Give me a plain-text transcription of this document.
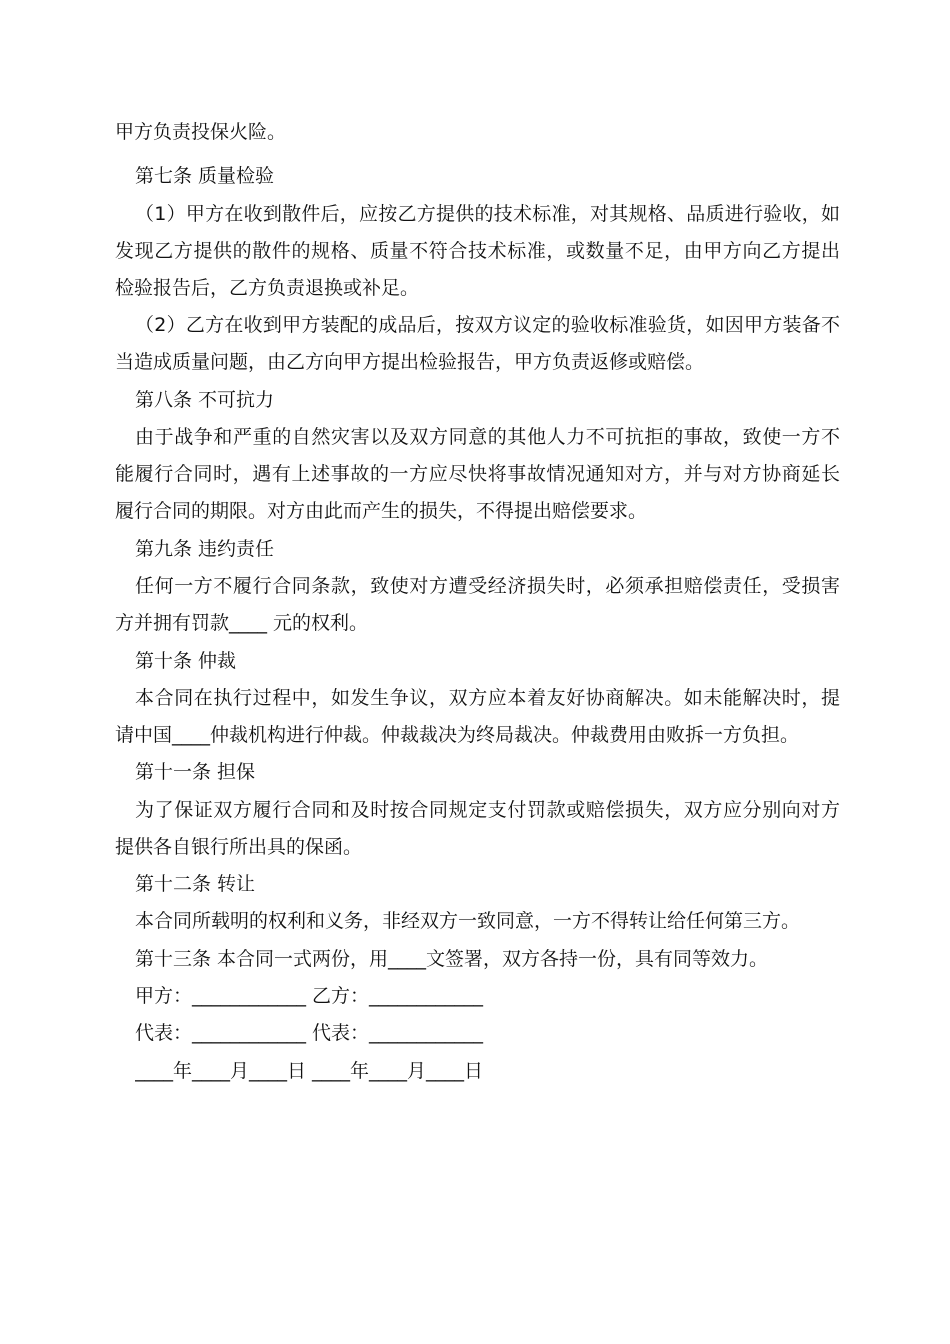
甲方负责投保火险。
第七条 质量检验
（1）甲方在收到散件后，应按乙方提供的技术标准，对其规格、品质进行验收，如
发现乙方提供的散件的规格、质量不符合技术标准，或数量不足，由甲方向乙方提出
检验报告后，乙方负责退换或补足。
（2）乙方在收到甲方装配的成品后，按双方议定的验收标准验货，如因甲方装备不
当造成质量问题，由乙方向甲方提出检验报告，甲方负责返修或赔偿。
第八条 不可抗力
由于战争和严重的自然灾害以及双方同意的其他人力不可抗拒的事故，致使一方不
能履行合同时，遇有上述事故的一方应尽快将事故情况通知对方，并与对方协商延长
履行合同的期限。对方由此而产生的损失，不得提出赔偿要求。
第九条 违约责任
任何一方不履行合同条款，致使对方遭受经济损失时，必须承担赔偿责任，受损害
方并拥有罚款____ 元的权利。
第十条 仲裁
本合同在执行过程中，如发生争议，双方应本着友好协商解决。如未能解决时，提
请中国____仲裁机构进行仲裁。仲裁裁决为终局裁决。仲裁费用由败拆一方负担。
第十一条 担保
为了保证双方履行合同和及时按合同规定支付罚款或赔偿损失，双方应分别向对方
提供各自银行所出具的保函。
第十二条 转让
本合同所载明的权利和义务，非经双方一致同意，一方不得转让给任何第三方。
第十三条 本合同一式两份，用____文签署，双方各持一份，具有同等效力。
甲方：____________ 乙方：____________
代表：____________ 代表：____________
____年____月____日 ____年____月____日
